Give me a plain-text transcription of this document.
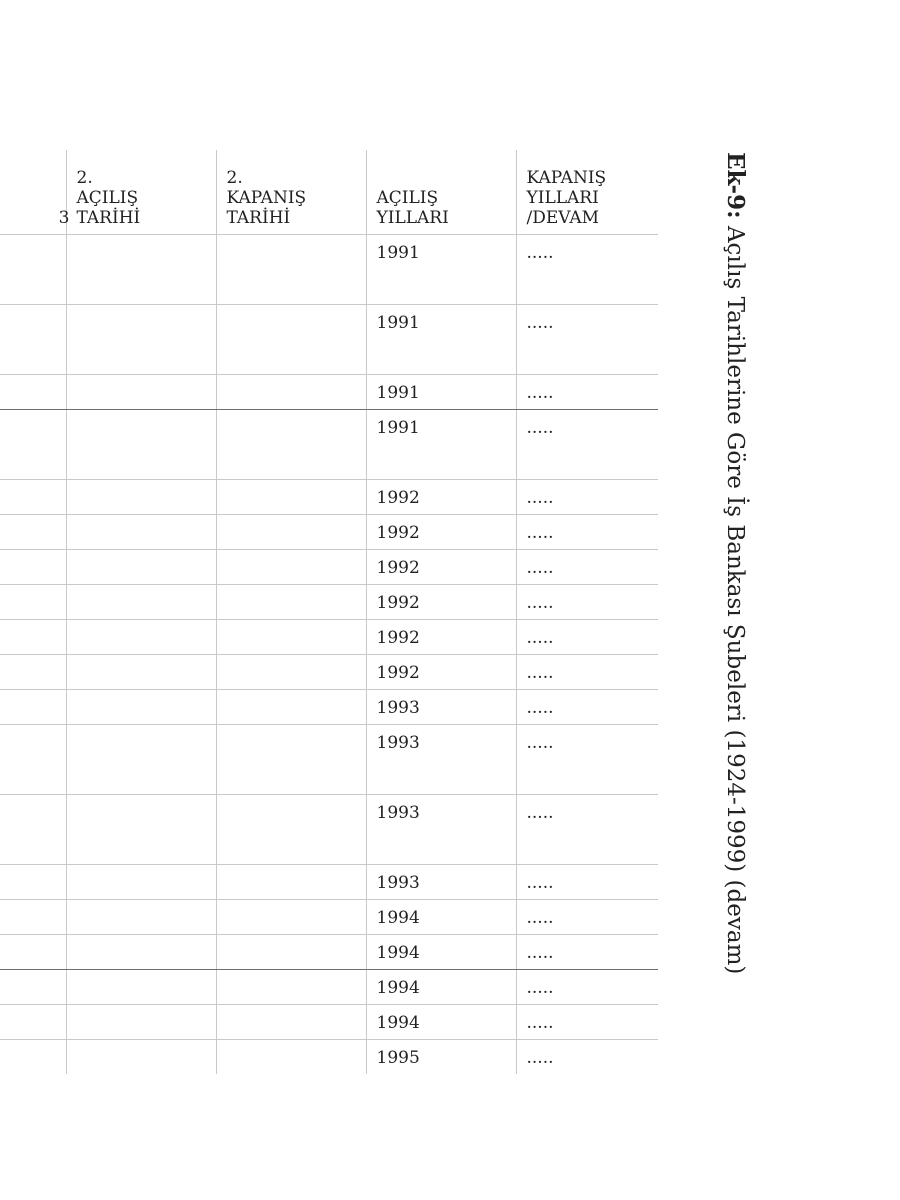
3	2.
AÇILIŞ
TARİHİ	2.
KAPANIŞ
TARİHİ	AÇILIŞ
YILLARI	KAPANIŞ
YILLARI
/DEVAM
			1991	.....
			1991	.....
			1991	.....
			1991	.....
			1992	.....
			1992	.....
			1992	.....
			1992	.....
			1992	.....
			1992	.....
			1993	.....
			1993	.....
			1993	.....
			1993	.....
			1994	.....
			1994	.....
			1994	.....
			1994	.....
			1995	.....
Ek-9: Açılış Tarihlerine Göre İş Bankası Şubeleri (1924-1999) (devam)
